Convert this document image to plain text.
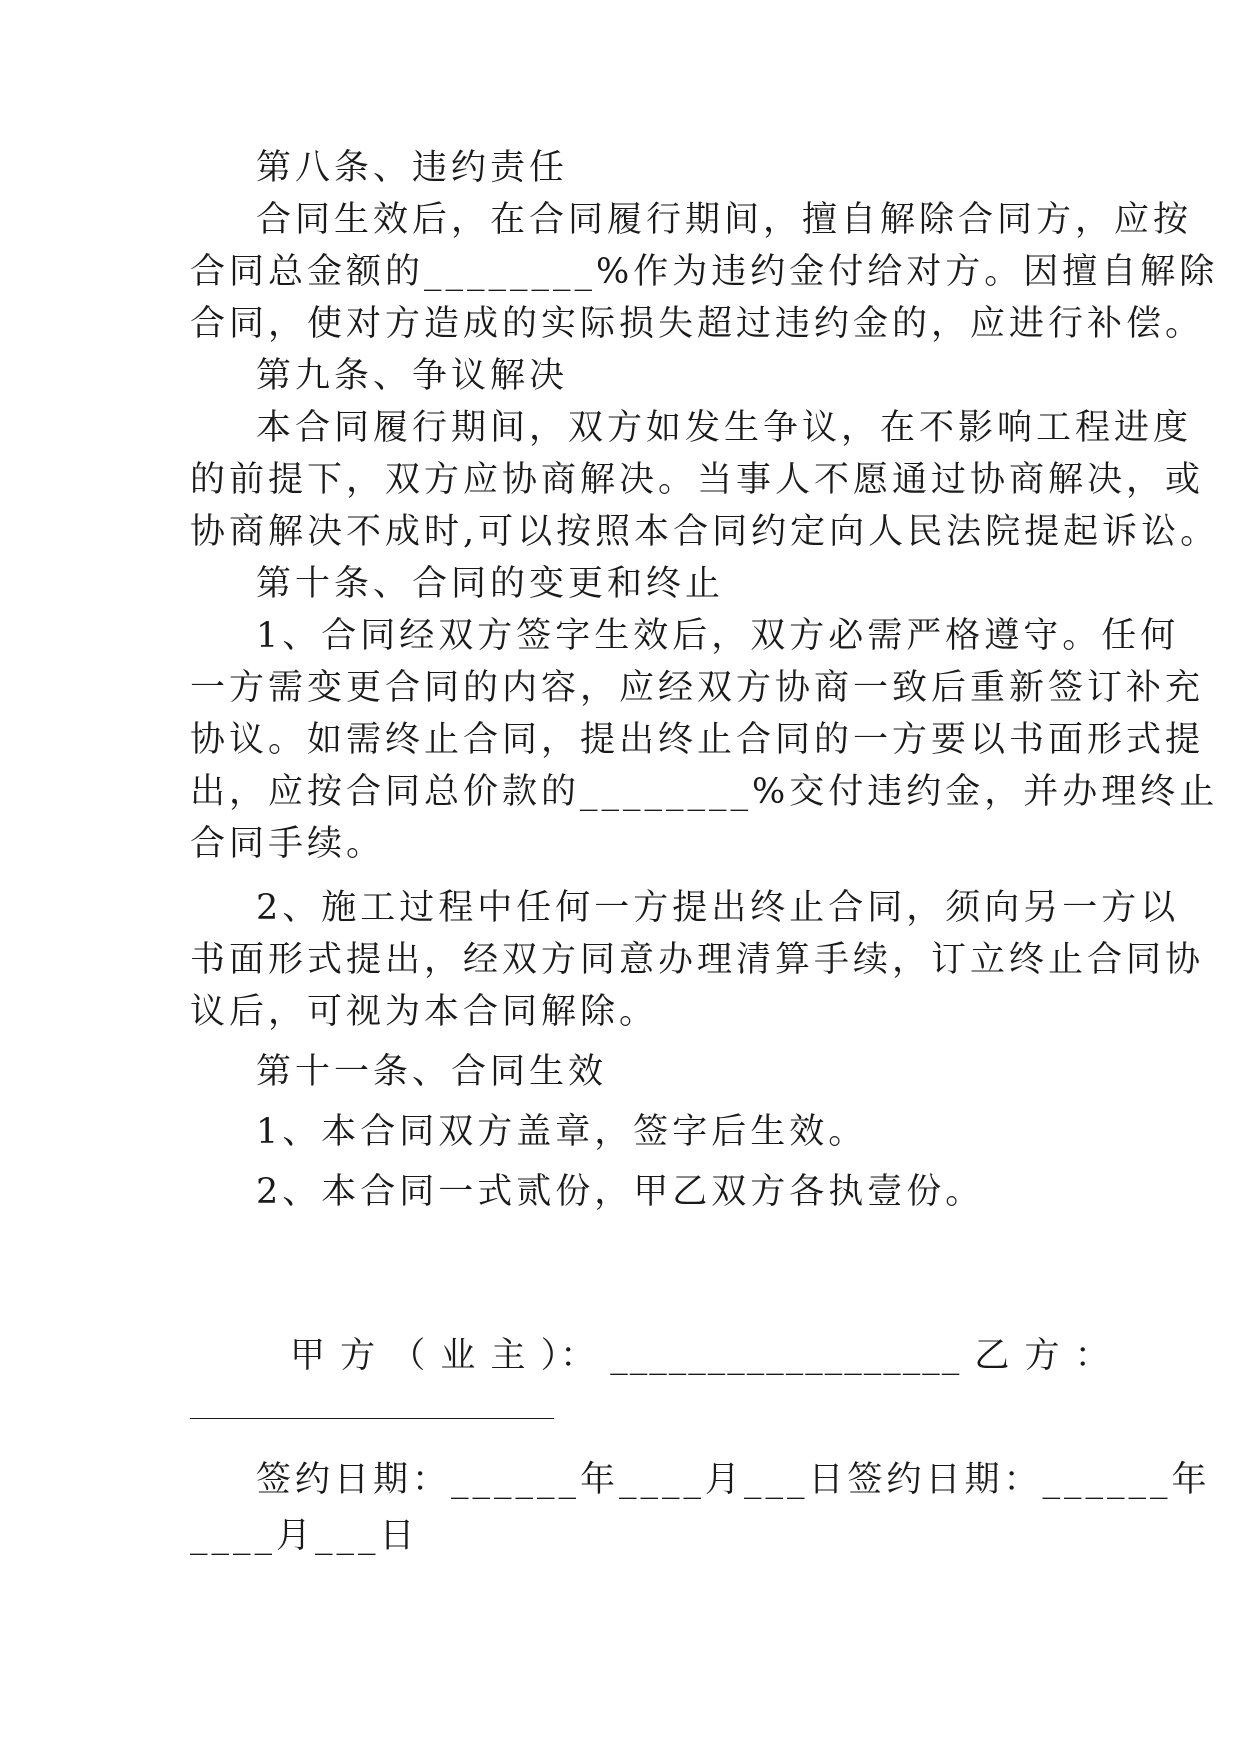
第八条、违约责任
合同生效后，在合同履行期间，擅自解除合同方，应按
合同总金额的________%作为违约金付给对方。因擅自解除
合同，使对方造成的实际损失超过违约金的，应进行补偿。
第九条、争议解决
本合同履行期间，双方如发生争议，在不影响工程进度
的前提下，双方应协商解决。当事人不愿通过协商解决，或
协商解决不成时,可以按照本合同约定向人民法院提起诉讼。
第十条、合同的变更和终止
1、合同经双方签字生效后，双方必需严格遵守。任何
一方需变更合同的内容，应经双方协商一致后重新签订补充
协议。如需终止合同，提出终止合同的一方要以书面形式提
出，应按合同总价款的________%交付违约金，并办理终止
合同手续。
2、施工过程中任何一方提出终止合同，须向另一方以
书面形式提出，经双方同意办理清算手续，订立终止合同协
议后，可视为本合同解除。
第十一条、合同生效
1、本合同双方盖章，签字后生效。
2、本合同一式贰份，甲乙双方各执壹份。
甲 方 （ 业 主 ）： __________________ 乙 方 ：
签约日期：______年____月___日签约日期：______年
____月___日
